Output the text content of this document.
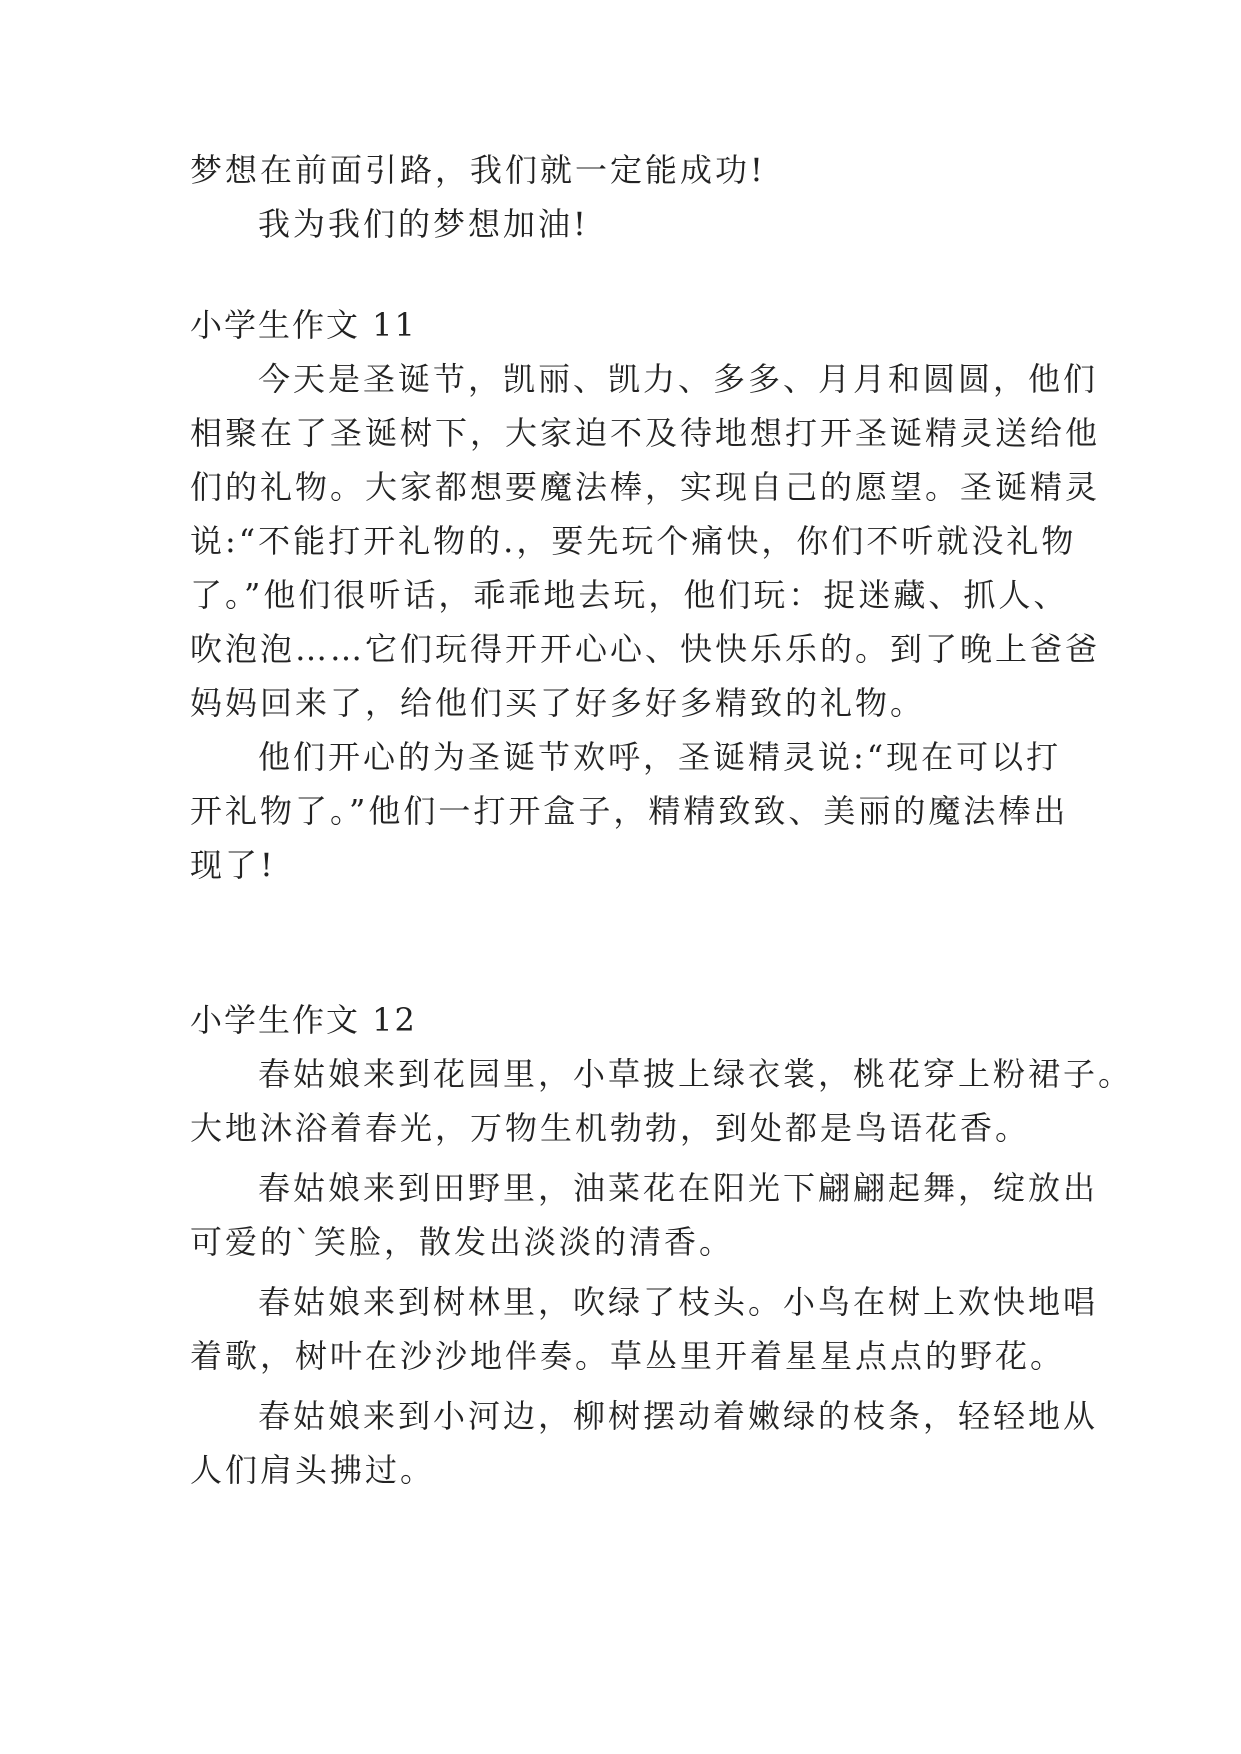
梦想在前面引路，我们就一定能成功!
我为我们的梦想加油!
小学生作文 11
今天是圣诞节，凯丽、凯力、多多、月月和圆圆，他们
相聚在了圣诞树下，大家迫不及待地想打开圣诞精灵送给他
们的礼物。大家都想要魔法棒，实现自己的愿望。圣诞精灵
说:“不能打开礼物的.，要先玩个痛快，你们不听就没礼物
了。”他们很听话，乖乖地去玩，他们玩：捉迷藏、抓人、
吹泡泡……它们玩得开开心心、快快乐乐的。到了晚上爸爸
妈妈回来了，给他们买了好多好多精致的礼物。
他们开心的为圣诞节欢呼，圣诞精灵说:“现在可以打
开礼物了。”他们一打开盒子，精精致致、美丽的魔法棒出
现了!
小学生作文 12
春姑娘来到花园里，小草披上绿衣裳，桃花穿上粉裙子。
大地沐浴着春光，万物生机勃勃，到处都是鸟语花香。
春姑娘来到田野里，油菜花在阳光下翩翩起舞，绽放出
可爱的`笑脸，散发出淡淡的清香。
春姑娘来到树林里，吹绿了枝头。小鸟在树上欢快地唱
着歌，树叶在沙沙地伴奏。草丛里开着星星点点的野花。
春姑娘来到小河边，柳树摆动着嫩绿的枝条，轻轻地从
人们肩头拂过。
